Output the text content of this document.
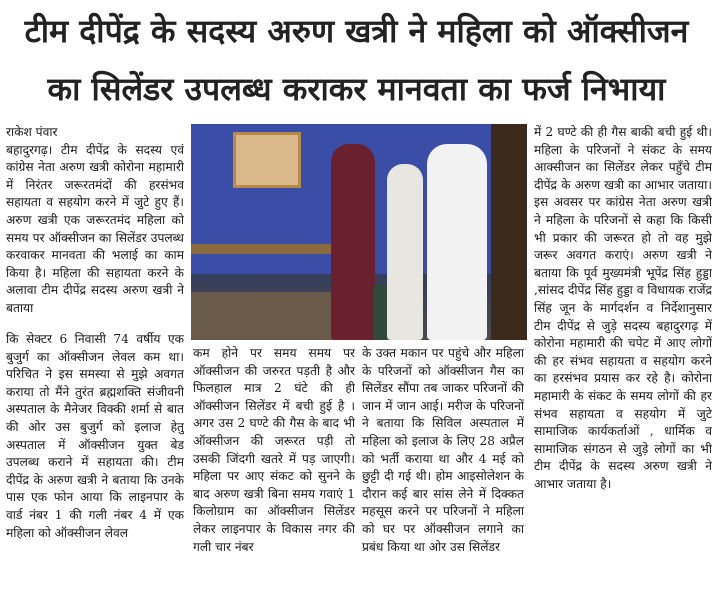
टीम दीपेंद्र के सदस्य अरुण खत्री ने महिला को ऑक्सीजन
का सिलेंडर उपलब्ध कराकर मानवता का फर्ज निभाया
राकेश पंवार
बहादुरगढ़। टीम दीपेंद्र के सदस्य एवं कांग्रेस नेता अरुण खत्री कोरोना महामारी में निरंतर जरूरतमंदों की हरसंभव सहायता व सहयोग करने में जुटे हुए हैं। अरुण खत्री एक जरूरतमंद महिला को समय पर ऑक्सीजन का सिलेंडर उपलब्ध करवाकर मानवता की भलाई का काम किया है। महिला की सहायता करने के अलावा टीम दीपेंद्र सदस्य अरुण खत्री ने बताया
कि सेक्टर 6 निवासी 74 वर्षीय एक बुजुर्ग का ऑक्सीजन लेवल कम था। परिचित ने इस समस्या से मुझे अवगत कराया तो मैंने तुरंत ब्रह्मशक्ति संजीवनी अस्पताल के मैनेजर विक्की शर्मा से बात की ओर उस बुजुर्ग को इलाज हेतु अस्पताल में ऑक्सीजन युक्त बेड उपलब्ध कराने में सहायता की। टीम दीपेंद्र के अरुण खत्री ने बताया कि उनके पास एक फोन आया कि लाइनपार के वार्ड नंबर 1 की गली नंबर 4 में एक महिला को ऑक्सीजन लेवल
कम होने पर समय समय पर ऑक्सीजन की जरुरत पड़ती है और फिलहाल मात्र 2 घंटे की ही ऑक्सीजन सिलेंडर में बची हुई है । अगर उस 2 घण्टे की गैस के बाद भी ऑक्सीजन की जरूरत पड़ी तो उसकी जिंदगी खतरे में पड़ जाएगी। महिला पर आए संकट को सुनने के बाद अरुण खत्री बिना समय गवाएं 1 किलोग्राम का ऑक्सीजन सिलेंडर लेकर लाइनपार के विकास नगर की गली चार नंबर
के उक्त मकान पर पहुंचे और महिला के परिजनों को ऑक्सीजन गैस का सिलेंडर सौंपा तब जाकर परिजनों की जान में जान आई। मरीज के परिजनों ने बताया कि सिविल अस्पताल में महिला को इलाज के लिए 28 अप्रैल को भर्ती कराया था और 4 मई को छुट्टी दी गई थी। होम आइसोलेशन के दौरान कई बार सांस लेने में दिक्कत महसूस करने पर परिजनों ने महिला को घर पर ऑक्सीजन लगाने का प्रबंध किया था ओर उस सिलेंडर
में 2 घण्टे की ही गैस बाकी बची हुई थी। महिला के परिजनों ने संकट के समय आक्सीजन का सिलेंडर लेकर पहुँचे टीम दीपेंद्र के अरुण खत्री का आभार जताया। इस अवसर पर कांग्रेस नेता अरुण खत्री ने महिला के परिजनों से कहा कि किसी भी प्रकार की जरूरत हो तो वह मुझे जरूर अवगत कराएं। अरुण खत्री ने बताया कि पूर्व मुख्यमंत्री भूपेंद्र सिंह हुड्डा ,सांसद दीपेंद्र सिंह हुड्डा व विधायक राजेंद्र सिंह जून के मार्गदर्शन व निर्देशानुसार टीम दीपेंद्र से जुड़े सदस्य बहादुरगढ़ में कोरोना महामारी की चपेट में आए लोगों की हर संभव सहायता व सहयोग करने का हरसंभव प्रयास कर रहे है। कोरोना महामारी के संकट के समय लोगों की हर संभव सहायता व सहयोग में जुटे सामाजिक कार्यकर्ताओं , धार्मिक व सामाजिक संगठन से जुड़े लोगों का भी टीम दीपेंद्र के सदस्य अरुण खत्री ने आभार जताया है।
